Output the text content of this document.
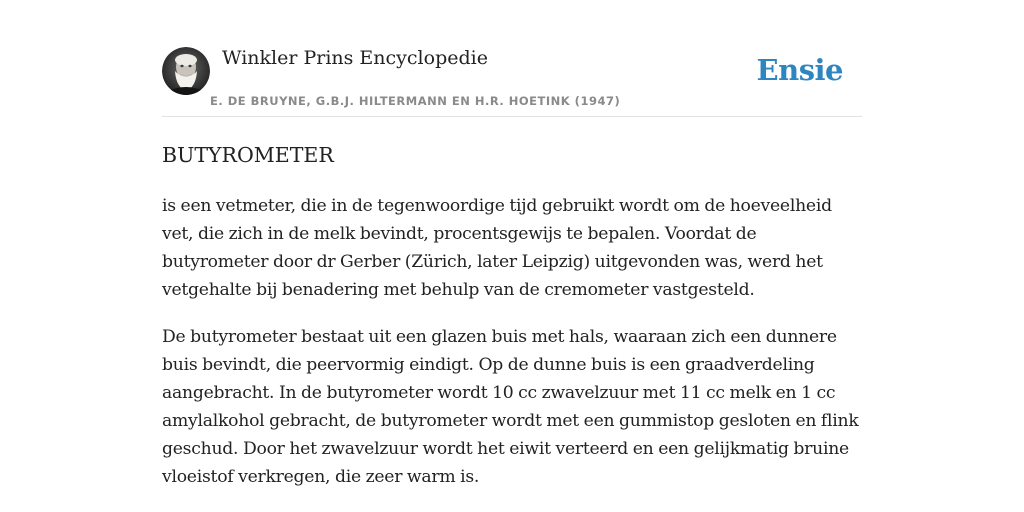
Winkler Prins Encyclopedie
E. DE BRUYNE, G.B.J. HILTERMANN EN H.R. HOETINK (1947)
Ensie
BUTYROMETER

is een vetmeter, die in de tegenwoordige tijd gebruikt wordt om de hoeveelheid vet, die zich in de melk bevindt, procentsgewijs te bepalen. Voordat de butyrometer door dr Gerber (Zürich, later Leipzig) uitgevonden was, werd het vetgehalte bij benadering met behulp van de cremometer vastgesteld.

De butyrometer bestaat uit een glazen buis met hals, waaraan zich een dunnere buis bevindt, die peervormig eindigt. Op de dunne buis is een graadverdeling aangebracht. In de butyrometer wordt 10 cc zwavelzuur met 11 cc melk en 1 cc amylalkohol gebracht, de butyrometer wordt met een gummistop gesloten en flink geschud. Door het zwavelzuur wordt het eiwit verteerd en een gelijkmatig bruine vloeistof verkregen, die zeer warm is.
